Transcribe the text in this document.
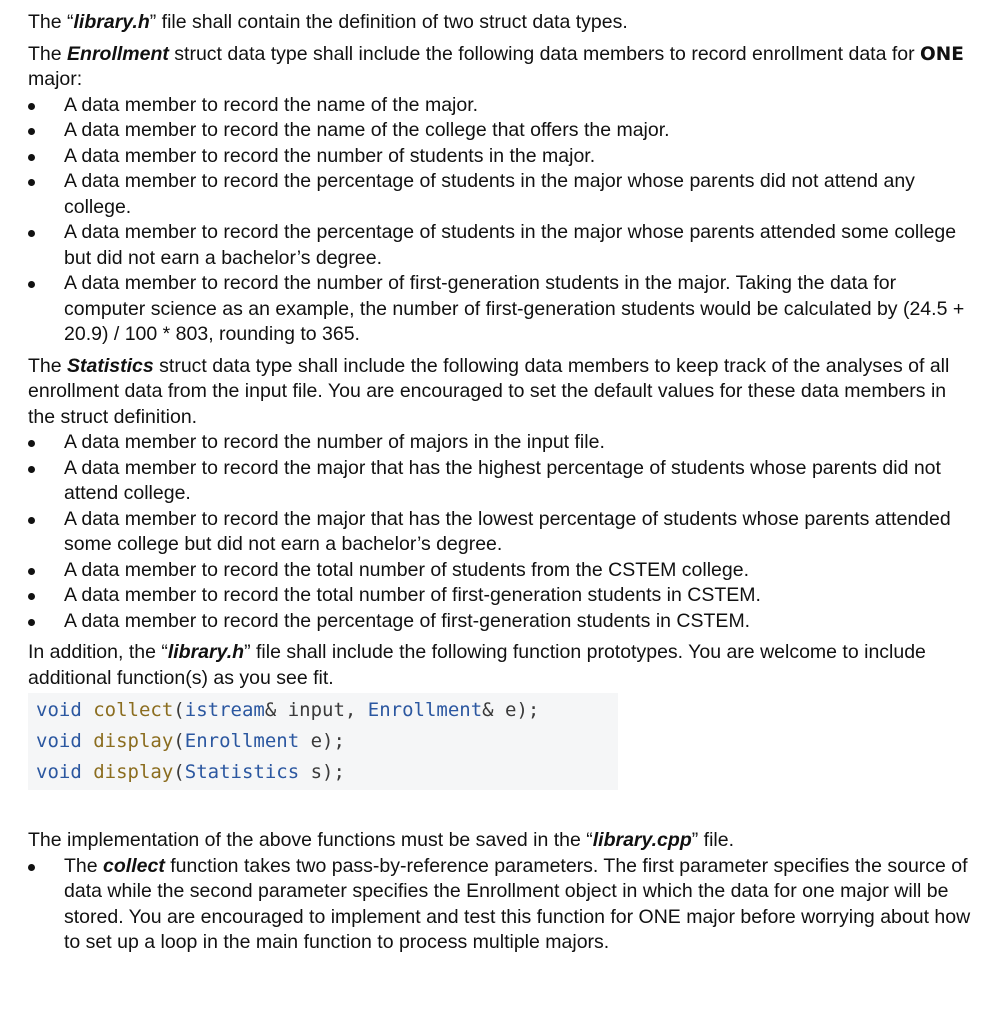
The “library.h” file shall contain the definition of two struct data types.

The Enrollment struct data type shall include the following data members to record enrollment data for ONE major:

A data member to record the name of the major.
A data member to record the name of the college that offers the major.
A data member to record the number of students in the major.
A data member to record the percentage of students in the major whose parents did not attend any college.
A data member to record the percentage of students in the major whose parents attended some college but did not earn a bachelor’s degree.
A data member to record the number of first-generation students in the major. Taking the data for computer science as an example, the number of first-generation students would be calculated by (24.5 + 20.9) / 100 * 803, rounding to 365.

The Statistics struct data type shall include the following data members to keep track of the analyses of all enrollment data from the input file. You are encouraged to set the default values for these data members in the struct definition.

A data member to record the number of majors in the input file.
A data member to record the major that has the highest percentage of students whose parents did not attend college.
A data member to record the major that has the lowest percentage of students whose parents attended some college but did not earn a bachelor’s degree.
A data member to record the total number of students from the CSTEM college.
A data member to record the total number of first-generation students in CSTEM.
A data member to record the percentage of first-generation students in CSTEM.

In addition, the “library.h” file shall include the following function prototypes. You are welcome to include additional function(s) as you see fit.

void collect(istream& input, Enrollment& e);
void display(Enrollment e);
void display(Statistics s);

The implementation of the above functions must be saved in the “library.cpp” file.

The collect function takes two pass-by-reference parameters. The first parameter specifies the source of data while the second parameter specifies the Enrollment object in which the data for one major will be stored. You are encouraged to implement and test this function for ONE major before worrying about how to set up a loop in the main function to process multiple majors.
